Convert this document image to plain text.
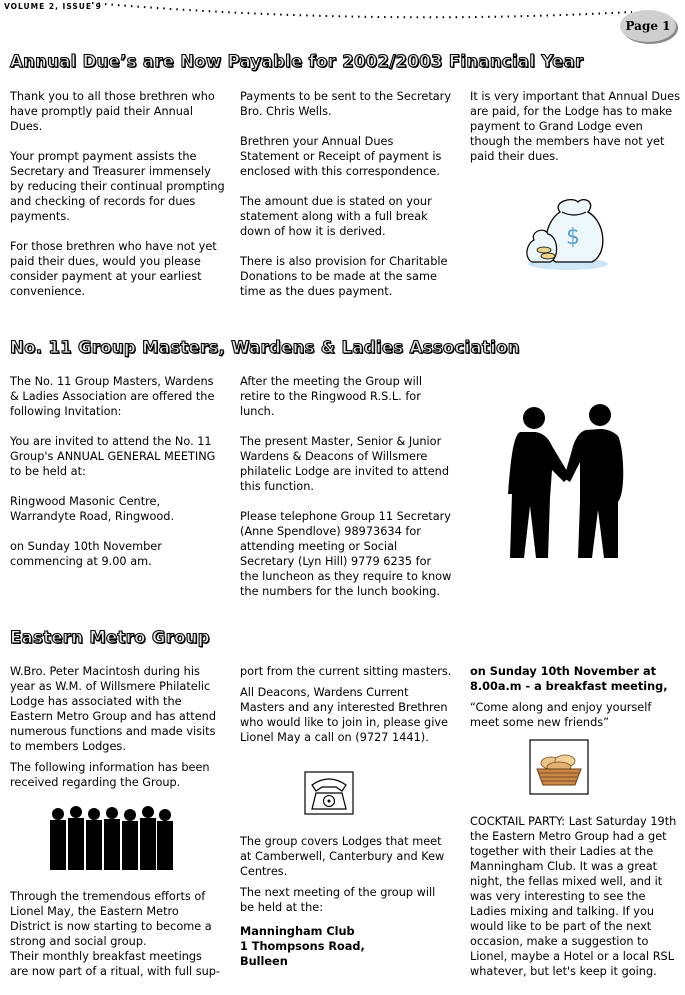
VOLUME 2, ISSUE 9
Page 1
Annual Due’s are Now Payable for 2002/2003 Financial Year

Thank you to all those brethren who have promptly paid their Annual Dues.

Your prompt payment assists the Secretary and Treasurer immensely by reducing their continual prompting and checking of records for dues payments.

For those brethren who have not yet paid their dues, would you please consider payment at your earliest convenience.

Payments to be sent to the Secretary Bro. Chris Wells.

Brethren your Annual Dues Statement or Receipt of payment is enclosed with this correspondence.

The amount due is stated on your statement along with a full break down of how it is derived.

There is also provision for Charitable Donations to be made at the same time as the dues payment.

It is very important that Annual Dues are paid, for the Lodge has to make payment to Grand Lodge even though the members have not yet paid their dues.

$
No. 11 Group Masters, Wardens & Ladies Association

The No. 11 Group Masters, Wardens & Ladies Association are offered the following Invitation:

You are invited to attend the No. 11 Group's ANNUAL GENERAL MEETING to be held at:

Ringwood Masonic Centre, Warrandyte Road, Ringwood.

on Sunday 10th November commencing at 9.00 am.

After the meeting the Group will retire to the Ringwood R.S.L. for lunch.

The present Master, Senior & Junior Wardens & Deacons of Willsmere philatelic Lodge are invited to attend this function.

Please telephone Group 11 Secretary (Anne Spendlove) 98973634 for attending meeting or Social Secretary (Lyn Hill) 9779 6235 for the luncheon as they require to know the numbers for the lunch booking.

Eastern Metro Group

W.Bro. Peter Macintosh during his year as W.M. of Willsmere Philatelic Lodge has associated with the Eastern Metro Group and has attend numerous functions and made visits to members Lodges.

The following information has been received regarding the Group.

Through the tremendous efforts of Lionel May, the Eastern Metro District is now starting to become a strong and social group.
Their monthly breakfast meetings are now part of a ritual, with full sup-

port from the current sitting masters.

All Deacons, Wardens Current Masters and any interested Brethren who would like to join in, please give Lionel May a call on (9727 1441).

The group covers Lodges that meet at Camberwell, Canterbury and Kew Centres.

The next meeting of the group will be held at the:

Manningham Club
1 Thompsons Road,
Bulleen

on Sunday 10th November at 8.00a.m - a breakfast meeting,

“Come along and enjoy yourself meet some new friends”

COCKTAIL PARTY: Last Saturday 19th the Eastern Metro Group had a get together with their Ladies at the Manningham Club. It was a great night, the fellas mixed well, and it was very interesting to see the Ladies mixing and talking. If you would like to be part of the next occasion, make a suggestion to Lionel, maybe a Hotel or a local RSL whatever, but let's keep it going.
